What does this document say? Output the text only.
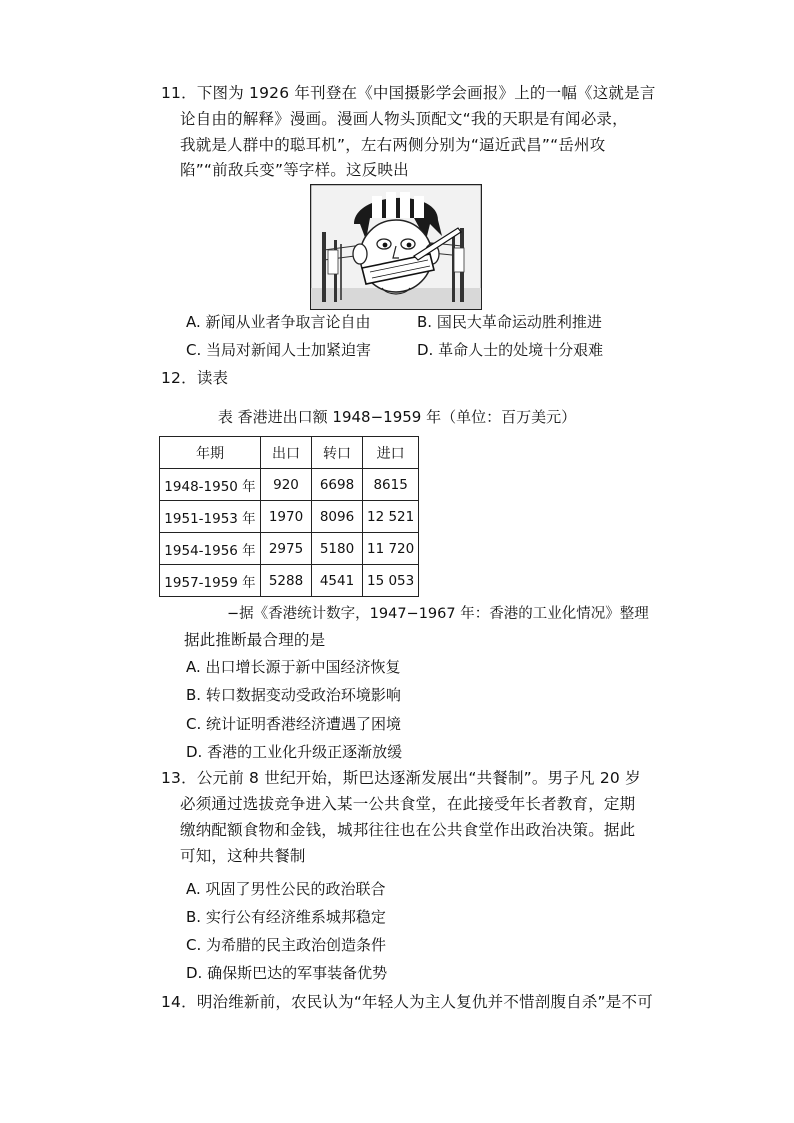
11．下图为 1926 年刊登在《中国摄影学会画报》上的一幅《这就是言
论自由的解释》漫画。漫画人物头顶配文“我的天职是有闻必录，
我就是人群中的聪耳机”，左右两侧分别为“逼近武昌”“岳州攻
陷”“前敌兵变”等字样。这反映出
A. 新闻从业者争取言论自由	B. 国民大革命运动胜利推进
C. 当局对新闻人士加紧迫害	D. 革命人士的处境十分艰难
12．读表
表 香港进出口额 1948−1959 年（单位：百万美元）
年期	出口	转口	进口
1948-1950 年	920	6698	8615
1951-1953 年	1970	8096	12 521
1954-1956 年	2975	5180	11 720
1957-1959 年	5288	4541	15 053
−据《香港统计数字，1947−1967 年：香港的工业化情况》整理
据此推断最合理的是
A. 出口增长源于新中国经济恢复
B. 转口数据变动受政治环境影响
C. 统计证明香港经济遭遇了困境
D. 香港的工业化升级正逐渐放缓
13．公元前 8 世纪开始，斯巴达逐渐发展出“共餐制”。男子凡 20 岁
必须通过选拔竞争进入某一公共食堂，在此接受年长者教育，定期
缴纳配额食物和金钱，城邦往往也在公共食堂作出政治决策。据此
可知，这种共餐制
A. 巩固了男性公民的政治联合
B. 实行公有经济维系城邦稳定
C. 为希腊的民主政治创造条件
D. 确保斯巴达的军事装备优势
14．明治维新前，农民认为“年轻人为主人复仇并不惜剖腹自杀”是不可
